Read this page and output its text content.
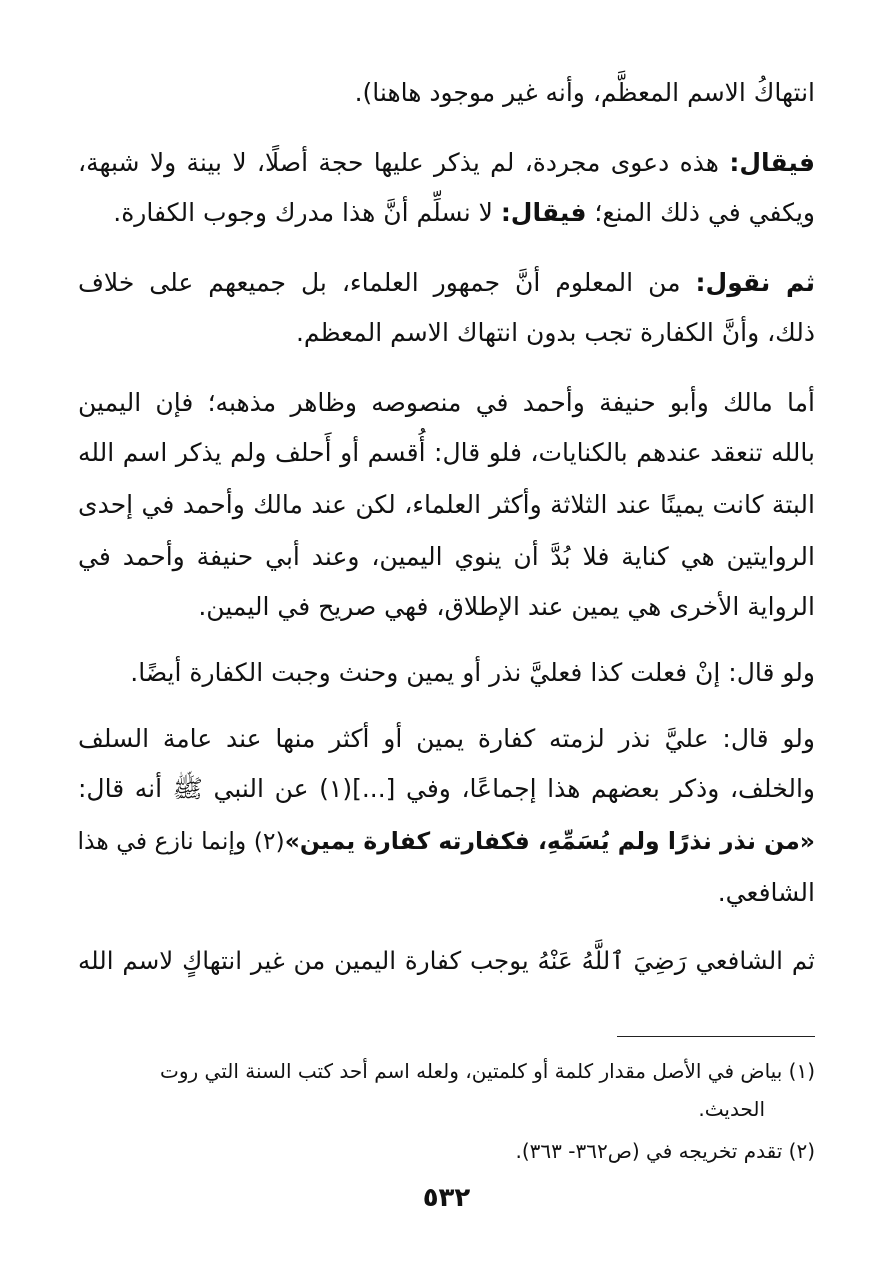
انتهاكُ الاسم المعظَّم، وأنه غير موجود هاهنا).
فيقال: هذه دعوى مجردة، لم يذكر عليها حجة أصلًا، لا بينة ولا شبهة،
ويكفي في ذلك المنع؛ فيقال: لا نسلِّم أنَّ هذا مدرك وجوب الكفارة.
ثم نقول: من المعلوم أنَّ جمهور العلماء، بل جميعهم على خلاف
ذلك، وأنَّ الكفارة تجب بدون انتهاك الاسم المعظم.
أما مالك وأبو حنيفة وأحمد في منصوصه وظاهر مذهبه؛ فإن اليمين
بالله تنعقد عندهم بالكنايات، فلو قال: أُقسم أو أَحلف ولم يذكر اسم الله
البتة كانت يمينًا عند الثلاثة وأكثر العلماء، لكن عند مالك وأحمد في إحدى
الروايتين هي كناية فلا بُدَّ أن ينوي اليمين، وعند أبي حنيفة وأحمد في
الرواية الأخرى هي يمين عند الإطلاق، فهي صريح في اليمين.
ولو قال: إنْ فعلت كذا فعليَّ نذر أو يمين وحنث وجبت الكفارة أيضًا.
ولو قال: عليَّ نذر لزمته كفارة يمين أو أكثر منها عند عامة السلف
والخلف، وذكر بعضهم هذا إجماعًا، وفي [...](١) عن النبي ﷺ أنه قال:
«من نذر نذرًا ولم يُسَمِّهِ، فكفارته كفارة يمين»(٢) وإنما نازع في هذا
الشافعي.
ثم الشافعي رَضِيَ ٱللَّهُ عَنْهُ يوجب كفارة اليمين من غير انتهاكٍ لاسم الله
(١) بياض في الأصل مقدار كلمة أو كلمتين، ولعله اسم أحد كتب السنة التي روت
الحديث.
(٢) تقدم تخريجه في (ص٣٦٢- ٣٦٣).
٥٣٢
